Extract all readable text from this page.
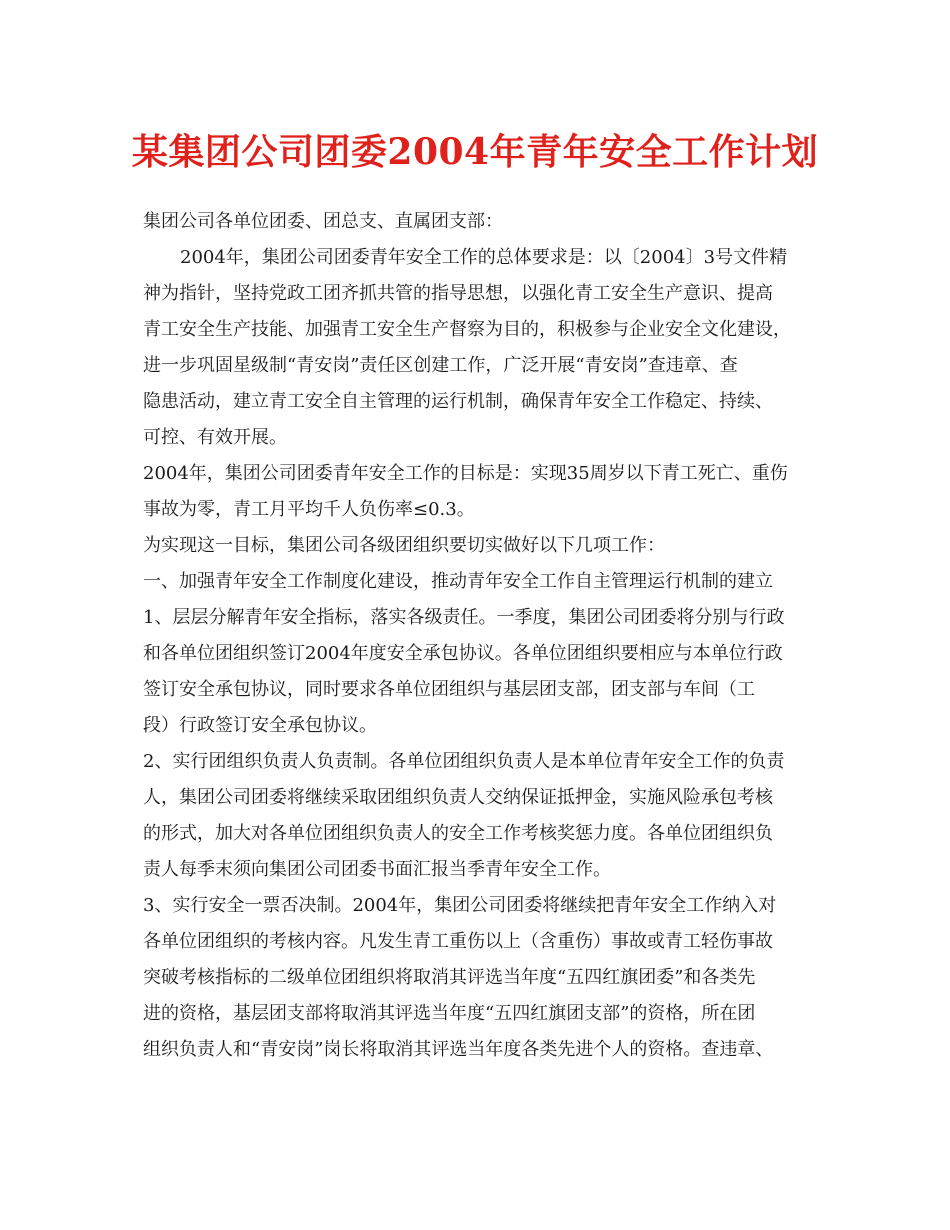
某集团公司团委2004年青年安全工作计划
集团公司各单位团委、团总支、直属团支部：
2004年，集团公司团委青年安全工作的总体要求是：以〔2004〕3号文件精
神为指针，坚持党政工团齐抓共管的指导思想，以强化青工安全生产意识、提高
青工安全生产技能、加强青工安全生产督察为目的，积极参与企业安全文化建设，
进一步巩固星级制“青安岗”责任区创建工作，广泛开展“青安岗”查违章、查
隐患活动，建立青工安全自主管理的运行机制，确保青年安全工作稳定、持续、
可控、有效开展。
2004年，集团公司团委青年安全工作的目标是：实现35周岁以下青工死亡、重伤
事故为零，青工月平均千人负伤率≤0.3。
为实现这一目标，集团公司各级团组织要切实做好以下几项工作：
一、加强青年安全工作制度化建设，推动青年安全工作自主管理运行机制的建立
1、层层分解青年安全指标，落实各级责任。一季度，集团公司团委将分别与行政
和各单位团组织签订2004年度安全承包协议。各单位团组织要相应与本单位行政
签订安全承包协议，同时要求各单位团组织与基层团支部，团支部与车间（工
段）行政签订安全承包协议。
2、实行团组织负责人负责制。各单位团组织负责人是本单位青年安全工作的负责
人，集团公司团委将继续采取团组织负责人交纳保证抵押金，实施风险承包考核
的形式，加大对各单位团组织负责人的安全工作考核奖惩力度。各单位团组织负
责人每季末须向集团公司团委书面汇报当季青年安全工作。
3、实行安全一票否决制。2004年，集团公司团委将继续把青年安全工作纳入对
各单位团组织的考核内容。凡发生青工重伤以上（含重伤）事故或青工轻伤事故
突破考核指标的二级单位团组织将取消其评选当年度“五四红旗团委”和各类先
进的资格，基层团支部将取消其评选当年度“五四红旗团支部”的资格，所在团
组织负责人和“青安岗”岗长将取消其评选当年度各类先进个人的资格。查违章、
